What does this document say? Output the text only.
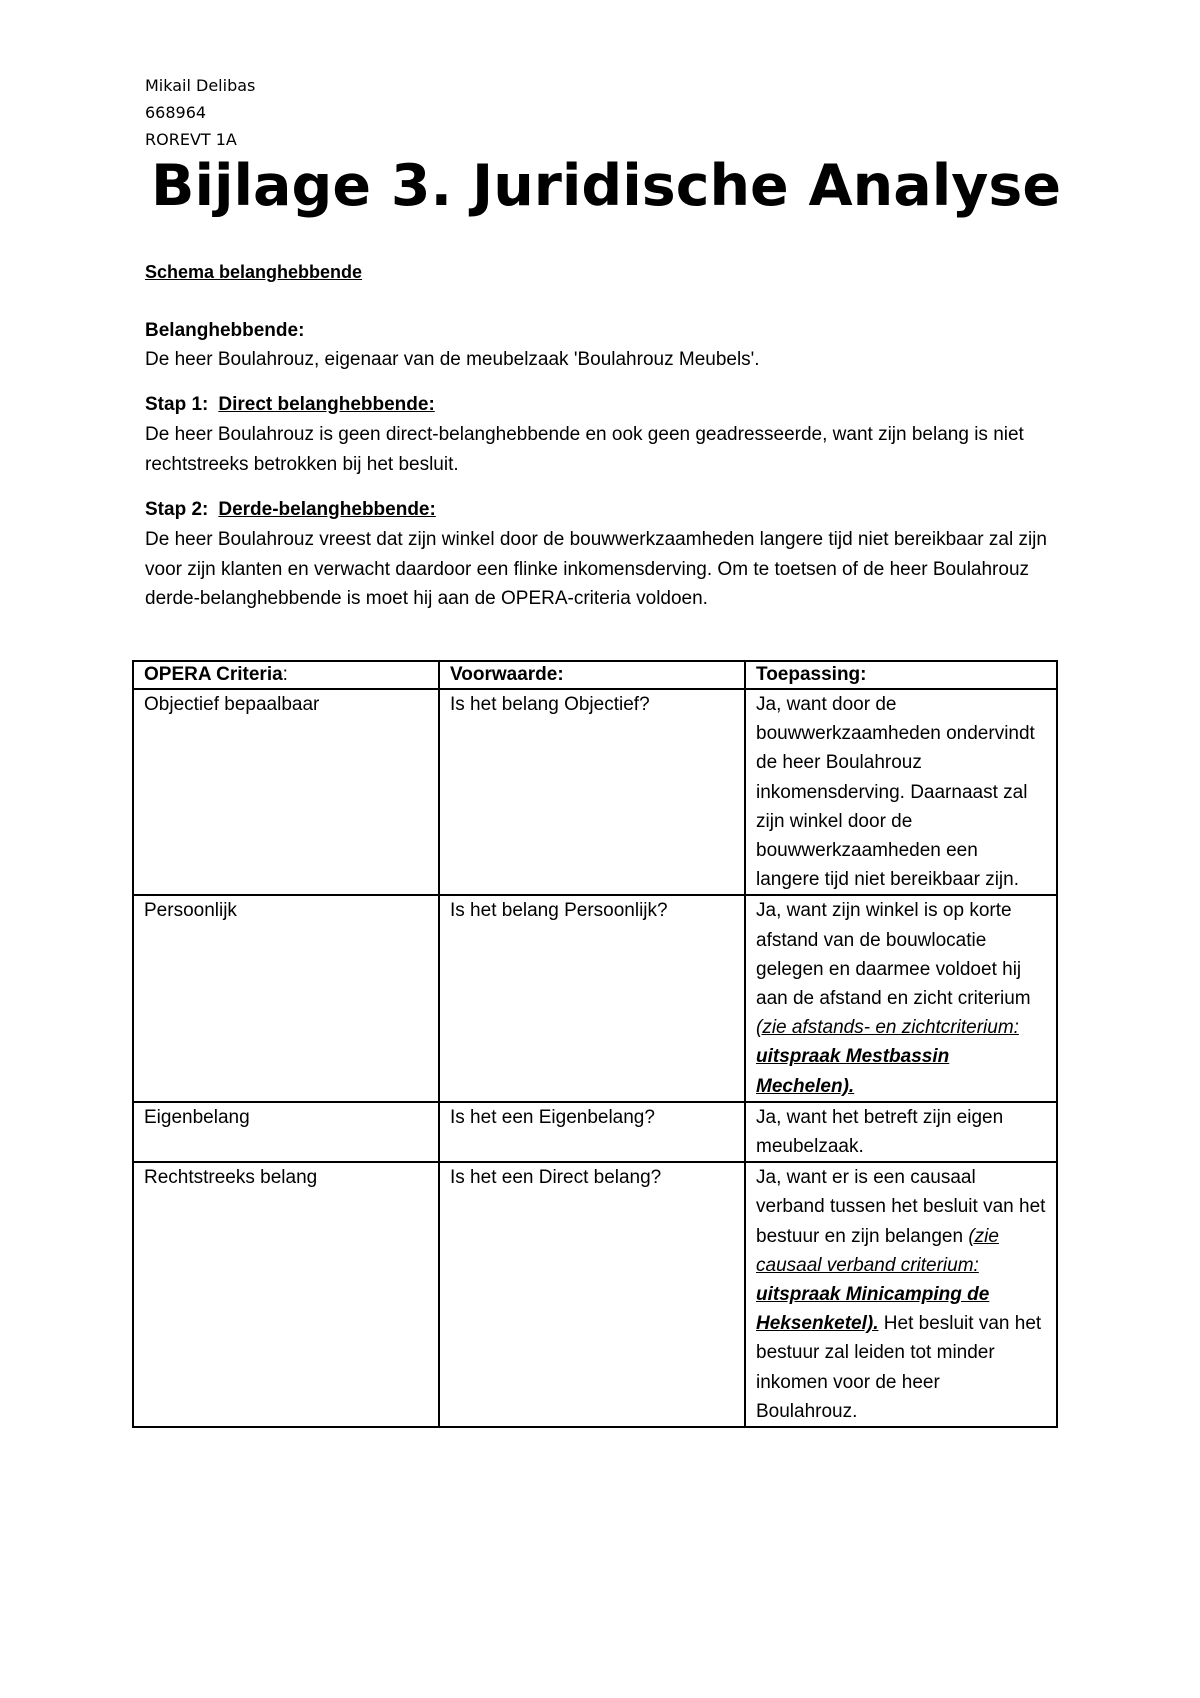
Mikail Delibas
668964
ROREVT 1A
Bijlage 3. Juridische Analyse
Schema belanghebbende
Belanghebbende:
De heer Boulahrouz, eigenaar van de meubelzaak 'Boulahrouz Meubels'.
Stap 1: Direct belanghebbende:
De heer Boulahrouz is geen direct-belanghebbende en ook geen geadresseerde, want zijn belang is niet rechtstreeks betrokken bij het besluit.
Stap 2: Derde-belanghebbende:
De heer Boulahrouz vreest dat zijn winkel door de bouwwerkzaamheden langere tijd niet bereikbaar zal zijn voor zijn klanten en verwacht daardoor een flinke inkomensderving. Om te toetsen of de heer Boulahrouz derde-belanghebbende is moet hij aan de OPERA-criteria voldoen.
OPERA Criteria:	Voorwaarde:	Toepassing:
Objectief bepaalbaar	Is het belang Objectief?	Ja, want door de bouwwerkzaamheden ondervindt de heer Boulahrouz inkomensderving. Daarnaast zal zijn winkel door de bouwwerkzaamheden een langere tijd niet bereikbaar zijn.
Persoonlijk	Is het belang Persoonlijk?	Ja, want zijn winkel is op korte afstand van de bouwlocatie gelegen en daarmee voldoet hij aan de afstand en zicht criterium (zie afstands- en zichtcriterium: uitspraak Mestbassin Mechelen).
Eigenbelang	Is het een Eigenbelang?	Ja, want het betreft zijn eigen meubelzaak.
Rechtstreeks belang	Is het een Direct belang?	Ja, want er is een causaal verband tussen het besluit van het bestuur en zijn belangen (zie causaal verband criterium: uitspraak Minicamping de Heksenketel). Het besluit van het bestuur zal leiden tot minder inkomen voor de heer Boulahrouz.
